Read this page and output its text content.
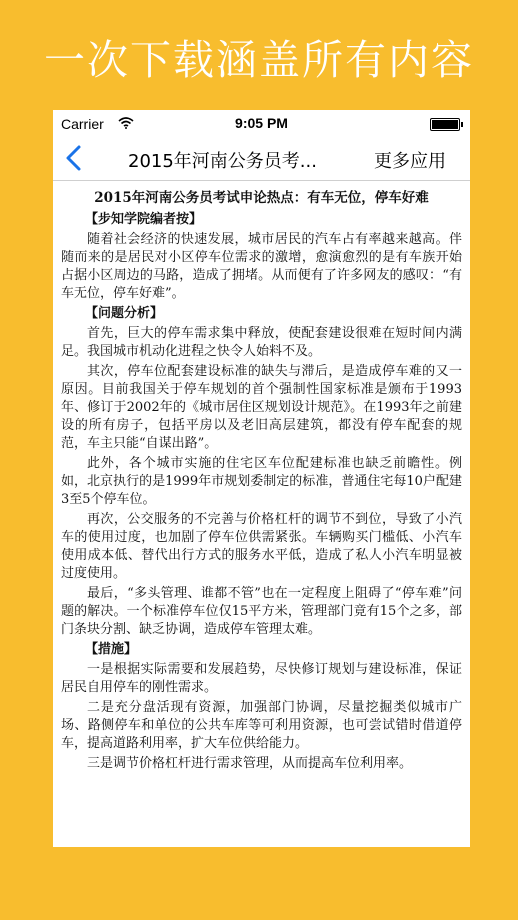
一次下载涵盖所有内容
Carrier	9:05 PM
2015年河南公务员考...	更多应用
2015年河南公务员考试申论热点：有车无位，停车好难
【步知学院编者按】

随着社会经济的快速发展，城市居民的汽车占有率越来越高。伴随而来的是居民对小区停车位需求的激增，愈演愈烈的是有车族开始占据小区周边的马路，造成了拥堵。从而便有了许多网友的感叹：“有车无位，停车好难”。

【问题分析】

首先，巨大的停车需求集中释放，使配套建设很难在短时间内满足。我国城市机动化进程之快令人始料不及。

其次，停车位配套建设标准的缺失与滞后，是造成停车难的又一原因。目前我国关于停车规划的首个强制性国家标准是颁布于1993年、修订于2002年的《城市居住区规划设计规范》。在1993年之前建设的所有房子，包括平房以及老旧高层建筑，都没有停车配套的规范，车主只能“自谋出路”。

此外，各个城市实施的住宅区车位配建标准也缺乏前瞻性。例如，北京执行的是1999年市规划委制定的标准，普通住宅每10户配建3至5个停车位。

再次，公交服务的不完善与价格杠杆的调节不到位，导致了小汽车的使用过度，也加剧了停车位供需紧张。车辆购买门槛低、小汽车使用成本低、替代出行方式的服务水平低，造成了私人小汽车明显被过度使用。

最后，“多头管理、谁都不管”也在一定程度上阻碍了“停车难”问题的解决。一个标准停车位仅15平方米，管理部门竟有15个之多，部门条块分割、缺乏协调，造成停车管理太难。

【措施】

一是根据实际需要和发展趋势，尽快修订规划与建设标准，保证居民自用停车的刚性需求。

二是充分盘活现有资源，加强部门协调，尽量挖掘类似城市广场、路侧停车和单位的公共车库等可利用资源，也可尝试错时借道停车，提高道路利用率，扩大车位供给能力。

三是调节价格杠杆进行需求管理，从而提高车位利用率。
